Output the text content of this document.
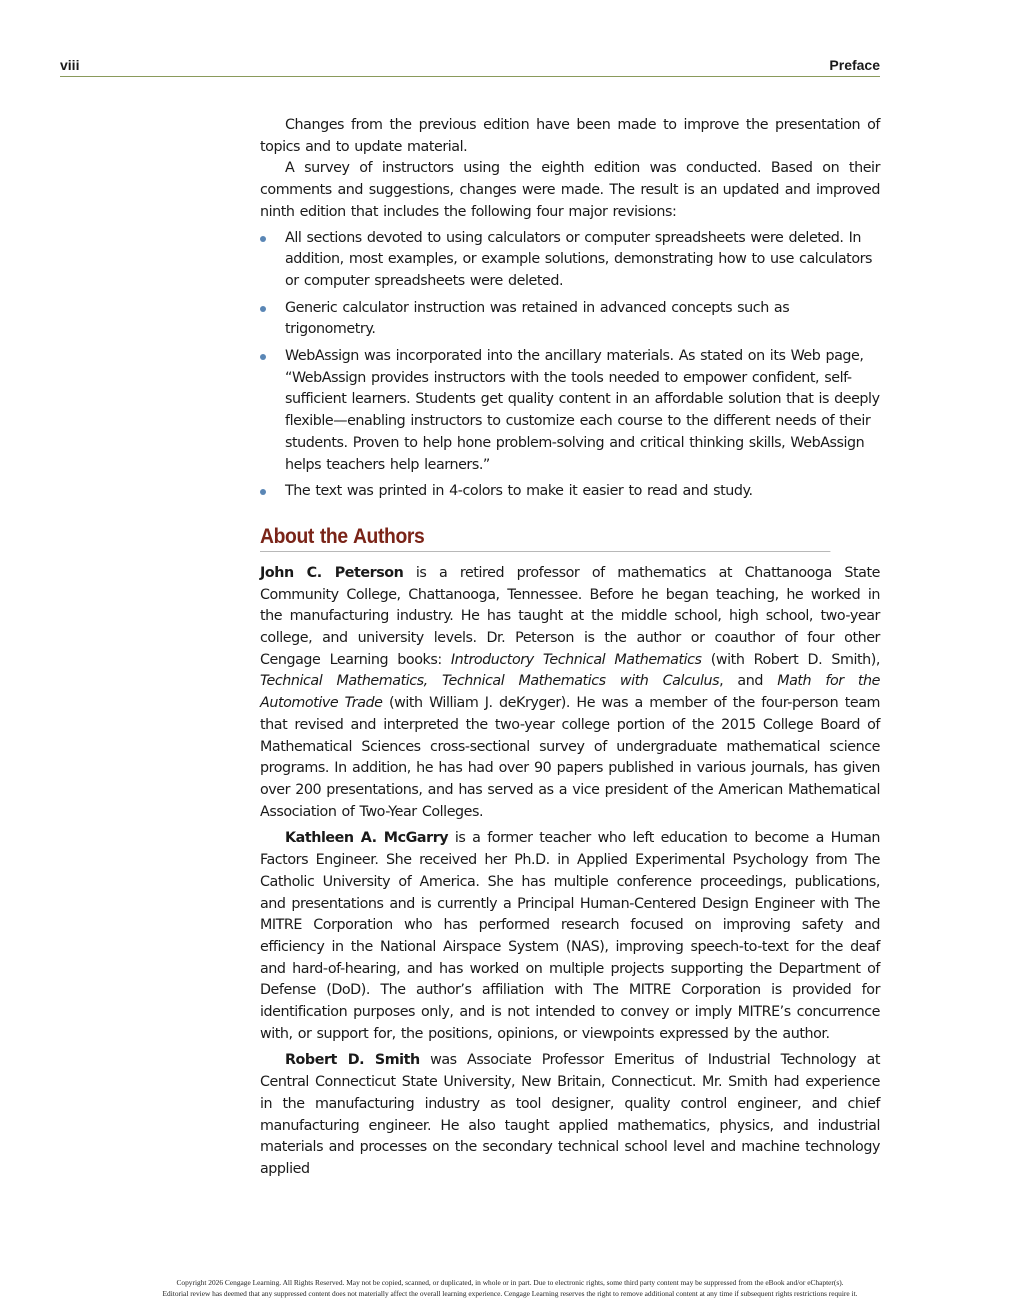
viii	Preface

Changes from the previous edition have been made to improve the presentation of topics and to update material.

A survey of instructors using the eighth edition was conducted. Based on their comments and suggestions, changes were made. The result is an updated and improved ninth edition that includes the following four major revisions:

All sections devoted to using calculators or computer spreadsheets were deleted. In addition, most examples, or example solutions, demonstrating how to use calculators or computer spreadsheets were deleted.
Generic calculator instruction was retained in advanced concepts such as trigonometry.
WebAssign was incorporated into the ancillary materials. As stated on its Web page, “WebAssign provides instructors with the tools needed to empower confident, self-sufficient learners. Students get quality content in an affordable solution that is deeply flexible—enabling instructors to customize each course to the different needs of their students. Proven to help hone problem-solving and critical thinking skills, WebAssign helps teachers help learners.”
The text was printed in 4-colors to make it easier to read and study.
About the Authors

John C. Peterson is a retired professor of mathematics at Chattanooga State Community College, Chattanooga, Tennessee. Before he began teaching, he worked in the manufacturing industry. He has taught at the middle school, high school, two-year college, and university levels. Dr. Peterson is the author or coauthor of four other Cengage Learning books: Introductory Technical Mathematics (with Robert D. Smith), Technical Mathematics, Technical Mathematics with Calculus, and Math for the Automotive Trade (with William J. deKryger). He was a member of the four-person team that revised and interpreted the two-year college portion of the 2015 College Board of Mathematical Sciences cross-sectional survey of undergraduate mathematical science programs. In addition, he has had over 90 papers published in various journals, has given over 200 presentations, and has served as a vice president of the American Mathematical Association of Two-Year Colleges.

Kathleen A. McGarry is a former teacher who left education to become a Human Factors Engineer. She received her Ph.D. in Applied Experimental Psychology from The Catholic University of America. She has multiple conference proceedings, publications, and presentations and is currently a Principal Human-Centered Design Engineer with The MITRE Corporation who has performed research focused on improving safety and efficiency in the National Airspace System (NAS), improving speech-to-text for the deaf and hard-of-hearing, and has worked on multiple projects supporting the Department of Defense (DoD). The author’s affiliation with The MITRE Corporation is provided for identification purposes only, and is not intended to convey or imply MITRE’s concurrence with, or support for, the positions, opinions, or viewpoints expressed by the author.

Robert D. Smith was Associate Professor Emeritus of Industrial Technology at Central Connecticut State University, New Britain, Connecticut. Mr. Smith had experience in the manufacturing industry as tool designer, quality control engineer, and chief manufacturing engineer. He also taught applied mathematics, physics, and industrial materials and processes on the secondary technical school level and machine technology applied

Copyright 2026 Cengage Learning. All Rights Reserved. May not be copied, scanned, or duplicated, in whole or in part. Due to electronic rights, some third party content may be suppressed from the eBook and/or eChapter(s).
Editorial review has deemed that any suppressed content does not materially affect the overall learning experience. Cengage Learning reserves the right to remove additional content at any time if subsequent rights restrictions require it.
